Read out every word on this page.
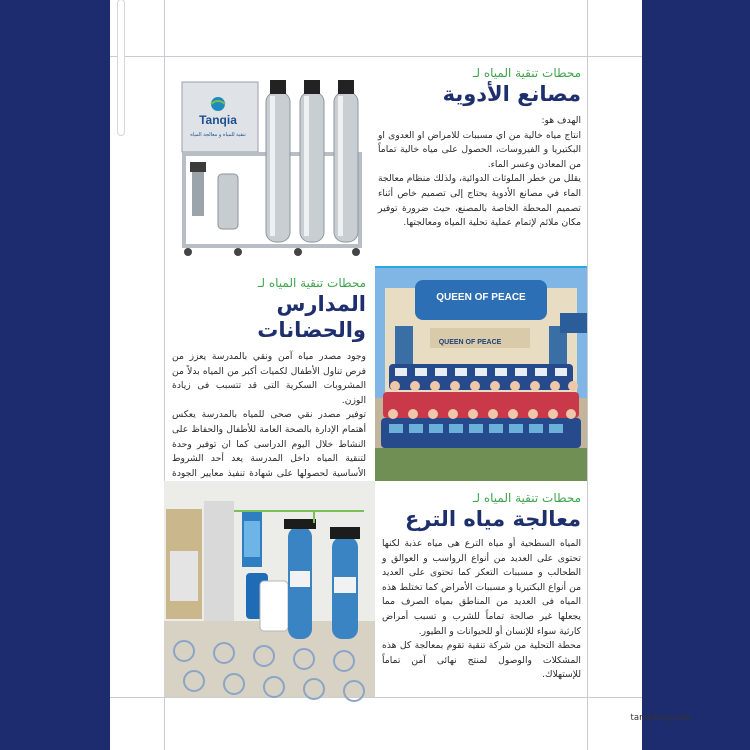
Tanqia
تنقية للمياه و معالجة المياه
محطات تنقية المياه لـ
مصانع الأدوية

الهدف هو:

انتاج مياه خالية من اي مسببات للامراض او العدوى او البكتيريا و الفيروسات، الحصول على مياه خالية تماماً من المعادن وعسر الماء.

يقلل من خطر الملوثات الدوائية، ولذلك منظام معالجة الماء في مصانع الأدوية يحتاج إلى تصميم خاص أثناء تصميم المحطة الخاصة بالمصنع، حيث ضرورة توفير مكان ملائم لإتمام عملية تحلية المياه ومعالجتها.

محطات تنقية المياه لـ
المدارس والحضانات

وجود مصدر مياه آمن ونقي بالمدرسة يعزز من فرص تناول الأطفال لكميات أكبر من المياه بدلاً من المشروبات السكرية التى قد تتسبب فى زيادة الوزن.

توفير مصدر نقي صحى للمياه بالمدرسة يعكس أهتمام الإدارة بالصحة العامة للأطفال والحفاظ على النشاط خلال اليوم الدراسى كما ان توفير وحدة لتنقية المياه داخل المدرسة يعد أحد الشروط الأساسية لحصولها على شهادة تنفيذ معايير الجودة

QUEEN OF PEACE
QUEEN OF PEACE
محطات تنقية المياه لـ
معالجة مياه الترع

المياه السطحية أو مياه الترع هى مياه عذبة لكنها تحتوى على العديد من أنواع الرواسب و العوالق و الطحالب و مسببات التعكر كما تحتوى على العديد من أنواع البكتيريا و مسببات الأمراض كما تختلط هذه المياه فى العديد من المناطق بمياه الصرف مما يجعلها غير صالحة تماماً للشرب و تسبب أمراض كارثية سواء للإنسان أو للحيوانات و الطيور.

محطة التحلية من شركة تنقية تقوم بمعالجة كل هذه المشكلات والوصول لمنتج نهائى آمن تماماً للإستهلاك.

tanqia-eg.com
